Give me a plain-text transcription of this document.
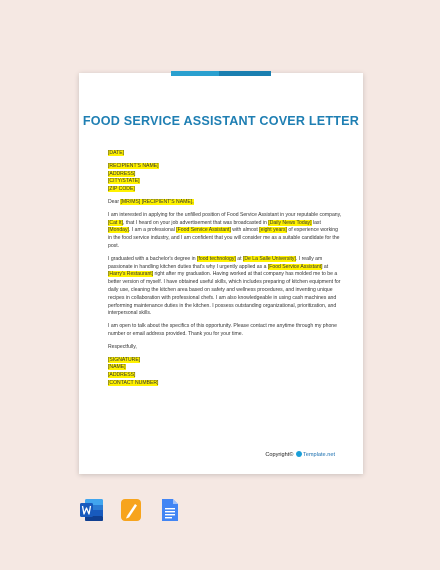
FOOD SERVICE ASSISTANT COVER LETTER

[DATE]

[RECIPIENT'S NAME]
[ADDRESS]
[CITY/STATE]
[ZIP CODE]

Dear [MR/MS] [RECIPIENT'S NAME],

I am interested in applying for the unfilled position of Food Service Assistant in your reputable company, [Cat It], that I heard on your job advertisement that was broadcasted in [Daily News Today] last [Monday]. I am a professional [Food Service Assistant] with almost [eight years] of experience working in the food service industry, and I am confident that you will consider me as a suitable candidate for the post.

I graduated with a bachelor's degree in [food technology] at [De La Salle University]. I really am passionate in handling kitchen duties that's why I urgently applied as a [Food Service Assistant] at [Harry's Restaurant] right after my graduation. Having worked at that company has molded me to be a better version of myself. I have obtained useful skills, which includes preparing of kitchen equipment for daily use, cleaning the kitchen area based on safety and wellness procedures, and inventing unique recipes in collaboration with professional chefs. I am also knowledgeable in using cash machines and performing maintenance duties in the kitchen. I possess outstanding organizational, prioritization, and interpersonal skills.

I am open to talk about the specifics of this opportunity. Please contact me anytime through my phone number or email address provided. Thank you for your time.

Respectfully,

[SIGNATURE]
[NAME]
[ADDRESS]
[CONTACT NUMBER]

Copyright© Template.net
